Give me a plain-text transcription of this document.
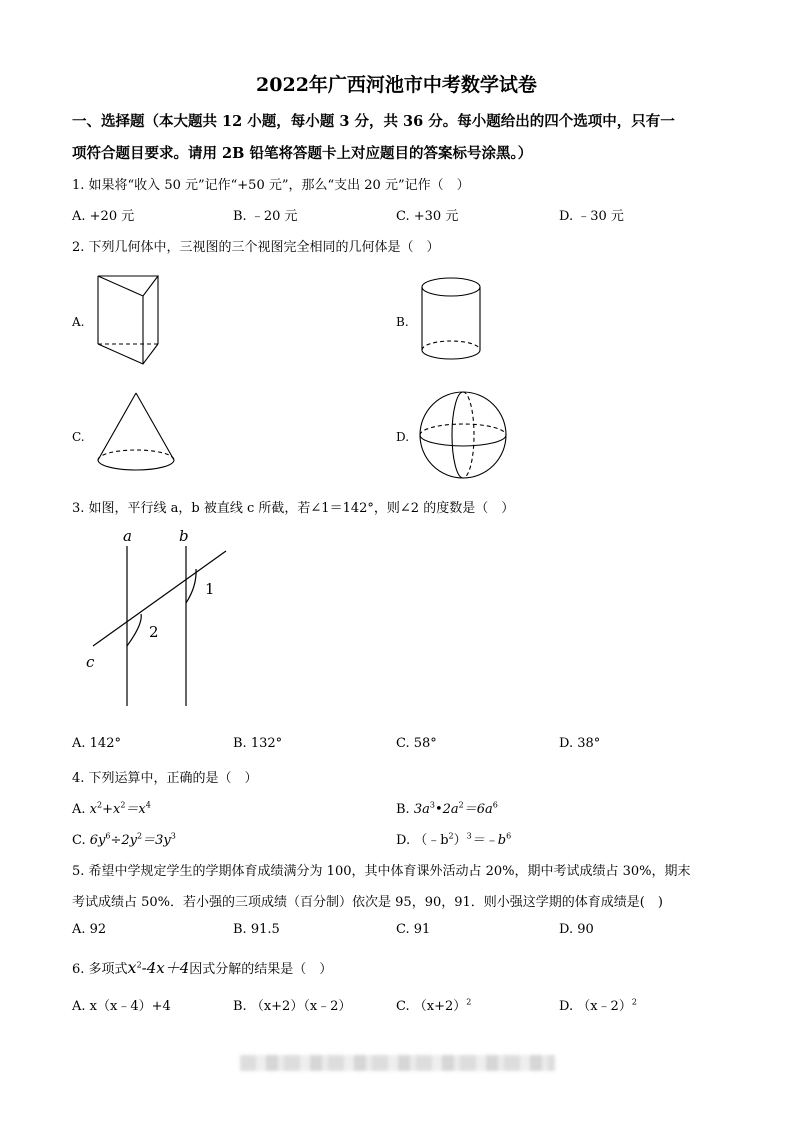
2022年广西河池市中考数学试卷
一、选择题（本大题共 12 小题，每小题 3 分，共 36 分。每小题给出的四个选项中，只有一
项符合题目要求。请用 2B 铅笔将答题卡上对应题目的答案标号涂黑。）
1. 如果将“收入 50 元”记作“+50 元”，那么“支出 20 元”记作（　）
A. +20 元	B. ﹣20 元	C. +30 元	D. ﹣30 元
2. 下列几何体中，三视图的三个视图完全相同的几何体是（　）
A.	B.
C.	D.
3. 如图，平行线 a，b 被直线 c 所截，若∠1＝142°，则∠2 的度数是（　）
a	b
c
1
2
A. 142°	B. 132°	C. 58°	D. 38°
4. 下列运算中，正确的是（　）
A. $x^2+x^2=x^4$	B. $3a^3•2a^2=6a^6$
C. $6y^6\div 2y^2=3y^3$	D. $(﹣b^2)^3=﹣b^6$
5. 希望中学规定学生的学期体育成绩满分为 100，其中体育课外活动占 20%，期中考试成绩占 30%，期末
考试成绩占 50%．若小强的三项成绩（百分制）依次是 95，90，91．则小强这学期的体育成绩是(　)
A. 92	B. 91.5	C. 91	D. 90
6. 多项式$x^2-4x+4$因式分解的结果是（　）
A. x（x﹣4）+4	B. （x+2）（x﹣2）	C. $(x+2)^2$	D. （x﹣2）$^2$
